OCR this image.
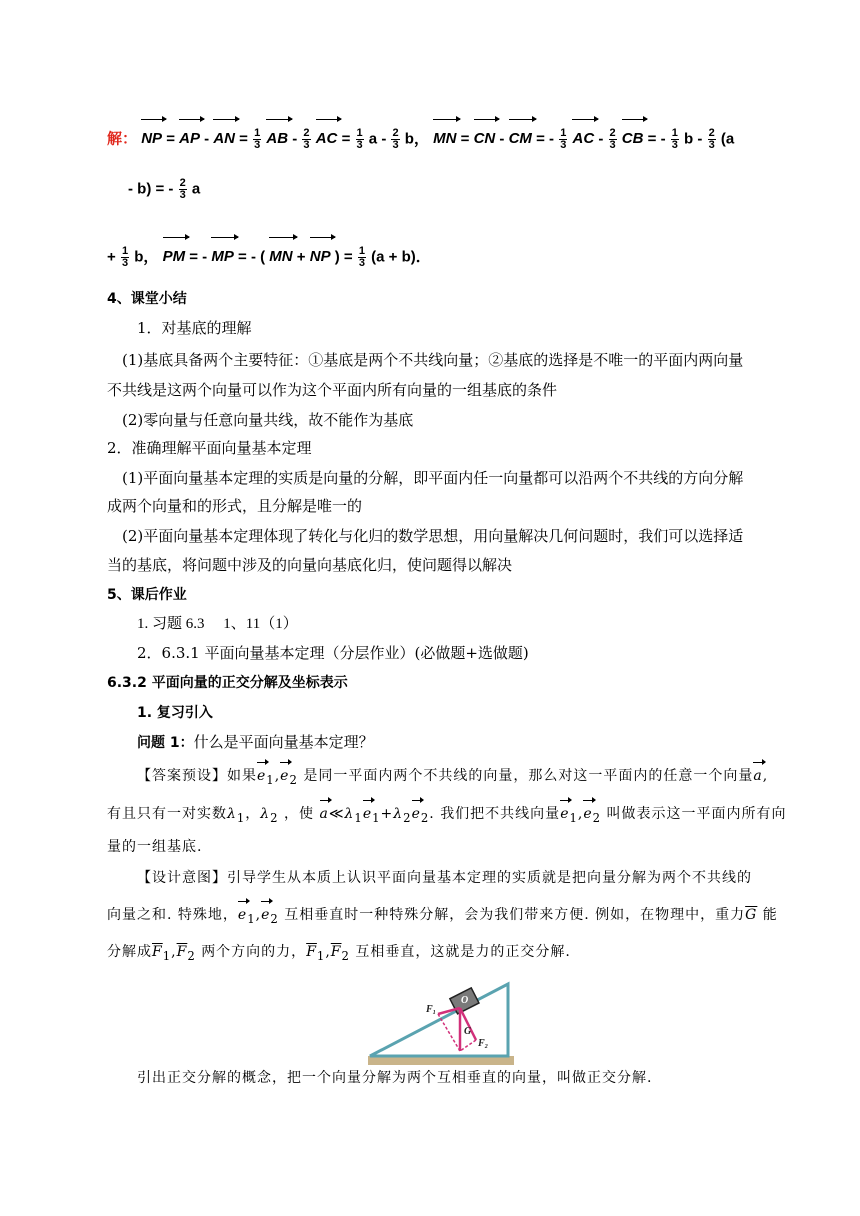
解： NP = AP - AN = $\frac{1}{3}$ AB - $\frac{2}{3}$ AC = $\frac{1}{3}$ a - $\frac{2}{3}$ b， MN = CN - CM = - $\frac{1}{3}$ AC - $\frac{2}{3}$ CB = - $\frac{1}{3}$ b - $\frac{2}{3} (a$
- b) = - $\frac{2}{3}$ a
+ $\frac{1}{3}$ b， PM = - MP = - ( MN + NP ) = $\frac{1}{3} (a + b)$．
4、课堂小结
1．对基底的理解
(1)基底具备两个主要特征：①基底是两个不共线向量；②基底的选择是不唯一的平面内两向量
不共线是这两个向量可以作为这个平面内所有向量的一组基底的条件
(2)零向量与任意向量共线，故不能作为基底
2．准确理解平面向量基本定理
(1)平面向量基本定理的实质是向量的分解，即平面内任一向量都可以沿两个不共线的方向分解
成两个向量和的形式，且分解是唯一的
(2)平面向量基本定理体现了转化与化归的数学思想，用向量解决几何问题时，我们可以选择适
当的基底，将问题中涉及的向量向基底化归，使问题得以解决
5、课后作业
1. 习题 6.3　 1、11（1）
2．6.3.1 平面向量基本定理（分层作业）(必做题+选做题)
6.3.2 平面向量的正交分解及坐标表示
1. 复习引入
问题 1：什么是平面向量基本定理？
【答案预设】如果$e_1,e_2$ 是同一平面内两个不共线的向量，那么对这一平面内的任意一个向量a,
有且只有一对实数$\lambda_1$，$\lambda_2$ ，使 $a≪\lambda_1e_1+\lambda_2e_2$. 我们把不共线向量$e_1,e_2$ 叫做表示这一平面内所有向
量的一组基底.
【设计意图】引导学生从本质上认识平面向量基本定理的实质就是把向量分解为两个不共线的
向量之和. 特殊地，$e_1,e_2$ 互相垂直时一种特殊分解，会为我们带来方便. 例如，在物理中，重力$\overline{G}$ 能
分解成$\overline{F}_1,\overline{F}_2$ 两个方向的力，$\overline{F}_1,\overline{F}_2$ 互相垂直，这就是力的正交分解.
O
F₁
G
F₂
引出正交分解的概念，把一个向量分解为两个互相垂直的向量，叫做正交分解.
